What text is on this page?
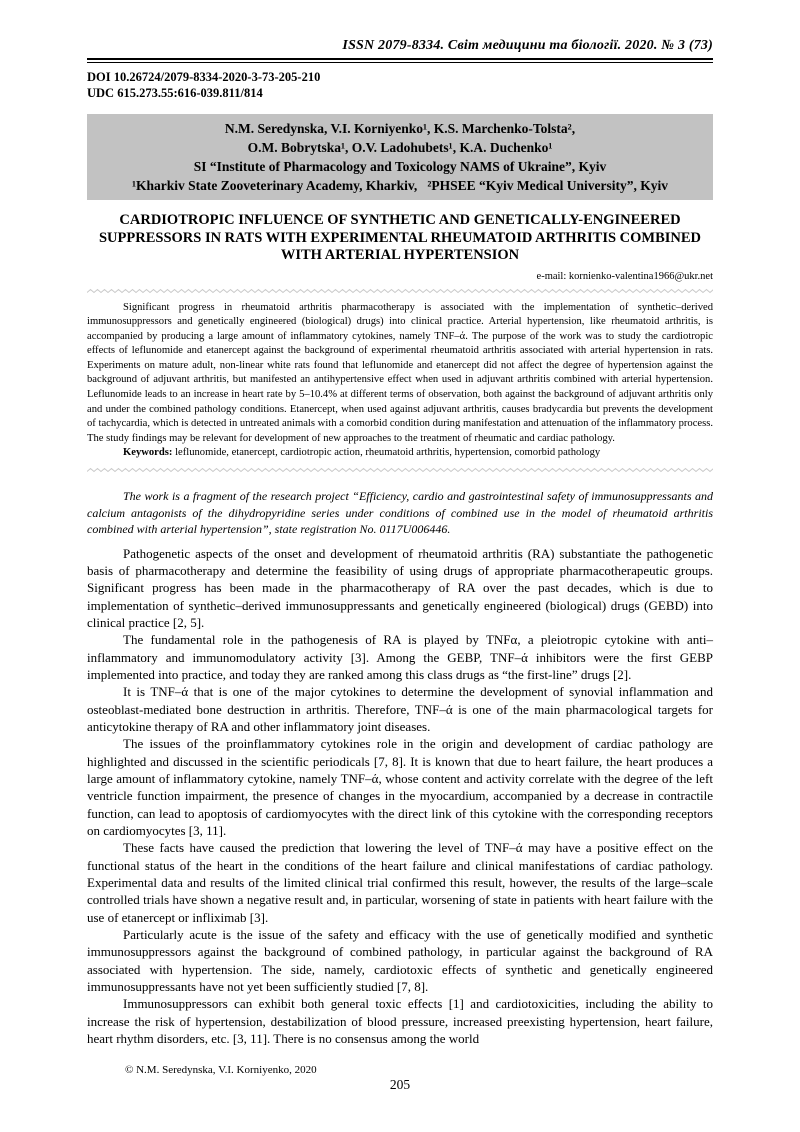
ISSN 2079-8334. Світ медицини та біології. 2020. № 3 (73)
DOI 10.26724/2079-8334-2020-3-73-205-210
UDC 615.273.55:616-039.811/814
N.M. Seredynska, V.I. Korniyenko¹, K.S. Marchenko-Tolsta²,
O.M. Bobrytska¹, O.V. Ladohubets¹, K.A. Duchenko¹
SI “Institute of Pharmacology and Toxicology NAMS of Ukraine”, Kyiv
¹Kharkiv State Zooveterinary Academy, Kharkiv,  ²PHSEE “Kyiv Medical University”, Kyiv
CARDIOTROPIC INFLUENCE OF SYNTHETIC AND GENETICALLY-ENGINEERED SUPPRESSORS IN RATS WITH EXPERIMENTAL RHEUMATOID ARTHRITIS COMBINED WITH ARTERIAL HYPERTENSION
e-mail: kornienko-valentina1966@ukr.net

Significant progress in rheumatoid arthritis pharmacotherapy is associated with the implementation of synthetic–derived immunosuppressors and genetically engineered (biological) drugs) into clinical practice. Arterial hypertension, like rheumatoid arthritis, is accompanied by producing a large amount of inflammatory cytokines, namely TNF–ά. The purpose of the work was to study the cardiotropic effects of leflunomide and etanercept against the background of experimental rheumatoid arthritis associated with arterial hypertension in rats. Experiments on mature adult, non-linear white rats found that leflunomide and etanercept did not affect the degree of hypertension against the background of adjuvant arthritis, but manifested an antihypertensive effect when used in adjuvant arthritis combined with arterial hypertension. Leflunomide leads to an increase in heart rate by 5–10.4% at different terms of observation, both against the background of adjuvant arthritis only and under the combined pathology conditions. Etanercept, when used against adjuvant arthritis, causes bradycardia but prevents the development of tachycardia, which is detected in untreated animals with a comorbid condition during manifestation and attenuation of the inflammatory process. The study findings may be relevant for development of new approaches to the treatment of rheumatic and cardiac pathology.

Keywords: leflunomide, etanercept, cardiotropic action, rheumatoid arthritis, hypertension, comorbid pathology

The work is a fragment of the research project “Efficiency, cardio and gastrointestinal safety of immunosuppressants and calcium antagonists of the dihydropyridine series under conditions of combined use in the model of rheumatoid arthritis combined with arterial hypertension”, state registration No. 0117U006446.

Pathogenetic aspects of the onset and development of rheumatoid arthritis (RA) substantiate the pathogenetic basis of pharmacotherapy and determine the feasibility of using drugs of appropriate pharmacotherapeutic groups. Significant progress has been made in the pharmacotherapy of RA over the past decades, which is due to implementation of synthetic–derived immunosuppressants and genetically engineered (biological) drugs (GEBD) into clinical practice [2, 5].

The fundamental role in the pathogenesis of RA is played by TNFα, a pleiotropic cytokine with anti–inflammatory and immunomodulatory activity [3]. Among the GEBP, TNF–ά inhibitors were the first GEBP implemented into practice, and today they are ranked among this class drugs as “the first-line” drugs [2].

It is TNF–ά that is one of the major cytokines to determine the development of synovial inflammation and osteoblast-mediated bone destruction in arthritis. Therefore, TNF–ά is one of the main pharmacological targets for anticytokine therapy of RA and other inflammatory joint diseases.

The issues of the proinflammatory cytokines role in the origin and development of cardiac pathology are highlighted and discussed in the scientific periodicals [7, 8]. It is known that due to heart failure, the heart produces a large amount of inflammatory cytokine, namely TNF–ά, whose content and activity correlate with the degree of the left ventricle function impairment, the presence of changes in the myocardium, accompanied by a decrease in contractile function, can lead to apoptosis of cardiomyocytes with the direct link of this cytokine with the corresponding receptors on cardiomyocytes [3, 11].

These facts have caused the prediction that lowering the level of TNF–ά may have a positive effect on the functional status of the heart in the conditions of the heart failure and clinical manifestations of cardiac pathology. Experimental data and results of the limited clinical trial confirmed this result, however, the results of the large–scale controlled trials have shown a negative result and, in particular, worsening of state in patients with heart failure with the use of etanercept or infliximab [3].

Particularly acute is the issue of the safety and efficacy with the use of genetically modified and synthetic immunosuppressors against the background of combined pathology, in particular against the background of RA associated with hypertension. The side, namely, cardiotoxic effects of synthetic and genetically engineered immunosuppressants have not yet been sufficiently studied [7, 8].

Immunosuppressors can exhibit both general toxic effects [1] and cardiotoxicities, including the ability to increase the risk of hypertension, destabilization of blood pressure, increased preexisting hypertension, heart failure, heart rhythm disorders, etc. [3, 11]. There is no consensus among the world

© N.M. Seredynska, V.I. Korniyenko, 2020
205
